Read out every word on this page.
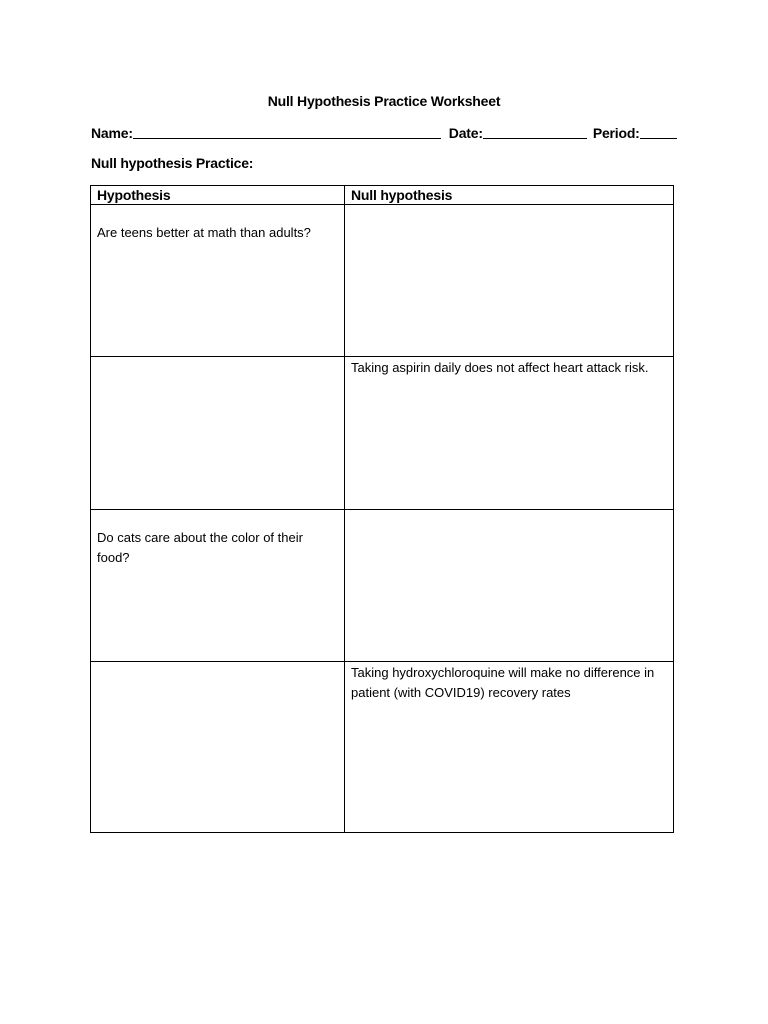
Null Hypothesis Practice Worksheet
Name:	Date:	Period:
Null hypothesis Practice:
Hypothesis	Null hypothesis

Are teens better at math than adults?	

	Taking aspirin daily does not affect heart attack risk.

Do cats care about the color of their food?	

	Taking hydroxychloroquine will make no difference in patient (with COVID19) recovery rates
